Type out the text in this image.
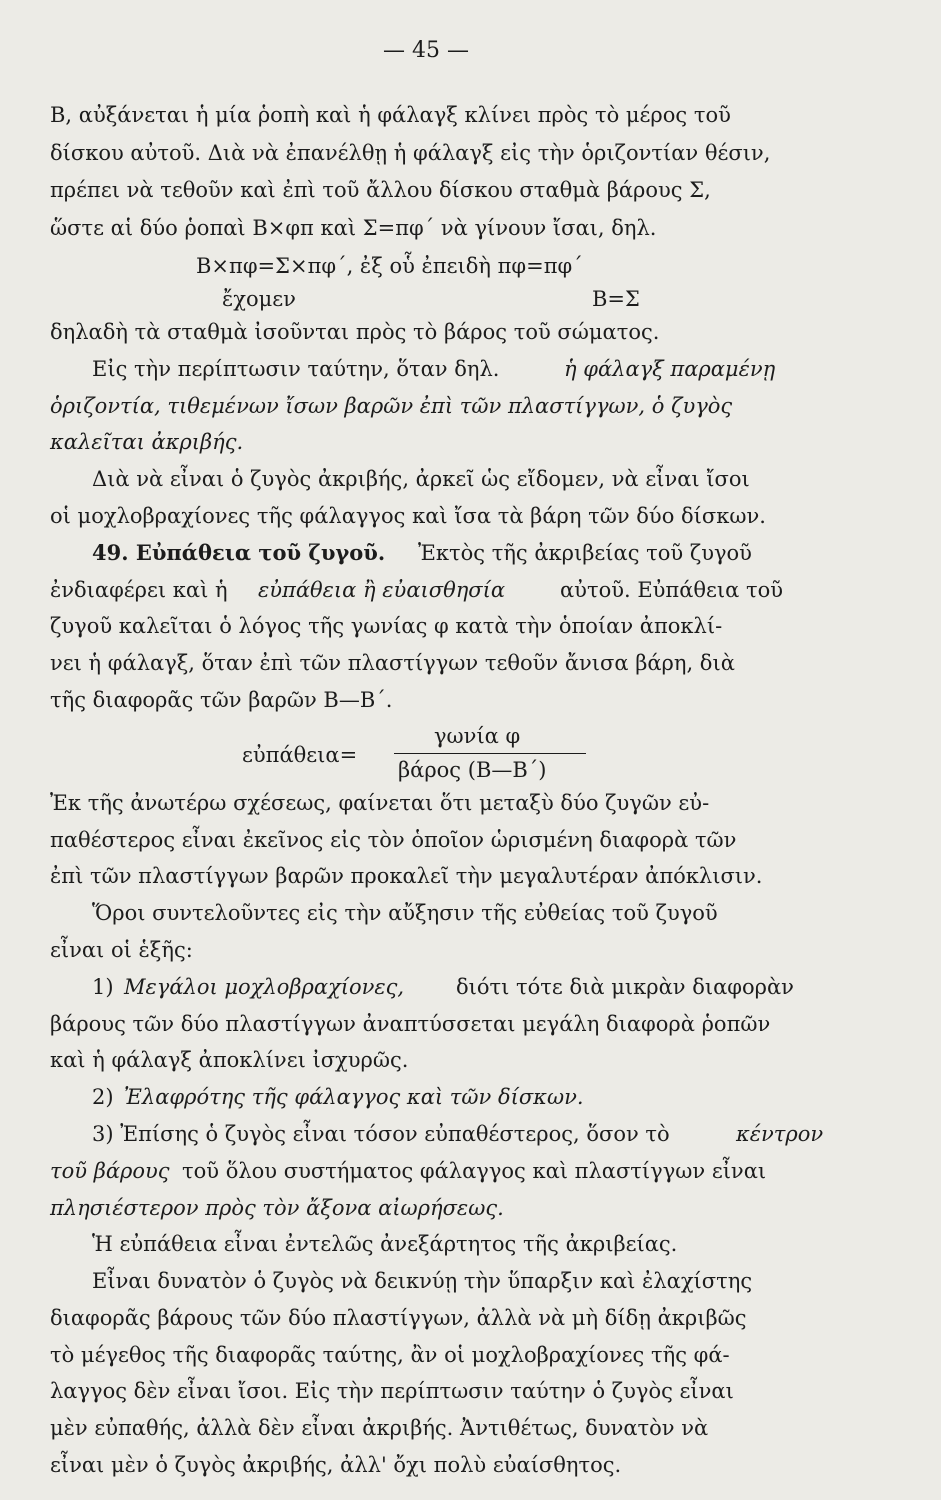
— 45 —
Β, αὐξάνεται ἡ μία ῥοπὴ καὶ ἡ φάλαγξ κλίνει πρὸς τὸ μέρος τοῦ
δίσκου αὐτοῦ. Διὰ νὰ ἐπανέλθῃ ἡ φάλαγξ εἰς τὴν ὁριζοντίαν θέσιν,
πρέπει νὰ τεθοῦν καὶ ἐπὶ τοῦ ἄλλου δίσκου σταθμὰ βάρους Σ,
ὥστε αἱ δύο ῥοπαὶ Β×φπ καὶ Σ=πφ΄ νὰ γίνουν ἴσαι, δηλ.
Β×πφ=Σ×πφ΄, ἐξ οὗ ἐπειδὴ πφ=πφ΄
ἔχομεν	Β=Σ
δηλαδὴ τὰ σταθμὰ ἰσοῦνται πρὸς τὸ βάρος τοῦ σώματος.
Εἰς τὴν περίπτωσιν ταύτην, ὅταν δηλ.	ἡ φάλαγξ παραμένῃ
ὁριζοντία, τιθεμένων ἴσων βαρῶν ἐπὶ τῶν πλαστίγγων, ὁ ζυγὸς
καλεῖται ἀκριβής.
Διὰ νὰ εἶναι ὁ ζυγὸς ἀκριβής, ἀρκεῖ ὡς εἴδομεν, νὰ εἶναι ἴσοι
οἱ μοχλοβραχίονες τῆς φάλαγγος καὶ ἴσα τὰ βάρη τῶν δύο δίσκων.
49. Εὐπάθεια τοῦ ζυγοῦ. Ἐκτὸς τῆς ἀκριβείας τοῦ ζυγοῦ
ἐνδιαφέρει καὶ ἡ εὐπάθεια ἢ εὐαισθησία	αὐτοῦ. Εὐπάθεια τοῦ
ζυγοῦ καλεῖται ὁ λόγος τῆς γωνίας φ κατὰ τὴν ὁποίαν ἀποκλί-
νει ἡ φάλαγξ, ὅταν ἐπὶ τῶν πλαστίγγων τεθοῦν ἄνισα βάρη, διὰ
τῆς διαφορᾶς τῶν βαρῶν Β—Β΄.
εὐπάθεια=
γωνία φ
βάρος (Β—Β΄)
Ἐκ τῆς ἀνωτέρω σχέσεως, φαίνεται ὅτι μεταξὺ δύο ζυγῶν εὐ-
παθέστερος εἶναι ἐκεῖνος εἰς τὸν ὁποῖον ὡρισμένη διαφορὰ τῶν
ἐπὶ τῶν πλαστίγγων βαρῶν προκαλεῖ τὴν μεγαλυτέραν ἀπόκλισιν.
Ὅροι συντελοῦντες εἰς τὴν αὔξησιν τῆς εὐθείας τοῦ ζυγοῦ
εἶναι οἱ ἑξῆς:
1) Μεγάλοι μοχλοβραχίονες, διότι τότε διὰ μικρὰν διαφορὰν
βάρους τῶν δύο πλαστίγγων ἀναπτύσσεται μεγάλη διαφορὰ ῥοπῶν
καὶ ἡ φάλαγξ ἀποκλίνει ἰσχυρῶς.
2) Ἐλαφρότης τῆς φάλαγγος καὶ τῶν δίσκων.
3) Ἐπίσης ὁ ζυγὸς εἶναι τόσον εὐπαθέστερος, ὅσον τὸ	κέντρον
τοῦ βάρους τοῦ ὅλου συστήματος φάλαγγος καὶ πλαστίγγων εἶναι
πλησιέστερον πρὸς τὸν ἄξονα αἰωρήσεως.
Ἡ εὐπάθεια εἶναι ἐντελῶς ἀνεξάρτητος τῆς ἀκριβείας.
Εἶναι δυνατὸν ὁ ζυγὸς νὰ δεικνύῃ τὴν ὕπαρξιν καὶ ἐλαχίστης
διαφορᾶς βάρους τῶν δύο πλαστίγγων, ἀλλὰ νὰ μὴ δίδῃ ἀκριβῶς
τὸ μέγεθος τῆς διαφορᾶς ταύτης, ἂν οἱ μοχλοβραχίονες τῆς φά-
λαγγος δὲν εἶναι ἴσοι. Εἰς τὴν περίπτωσιν ταύτην ὁ ζυγὸς εἶναι
μὲν εὐπαθής, ἀλλὰ δὲν εἶναι ἀκριβής. Ἀντιθέτως, δυνατὸν νὰ
εἶναι μὲν ὁ ζυγὸς ἀκριβής, ἀλλ' ὄχι πολὺ εὐαίσθητος.
